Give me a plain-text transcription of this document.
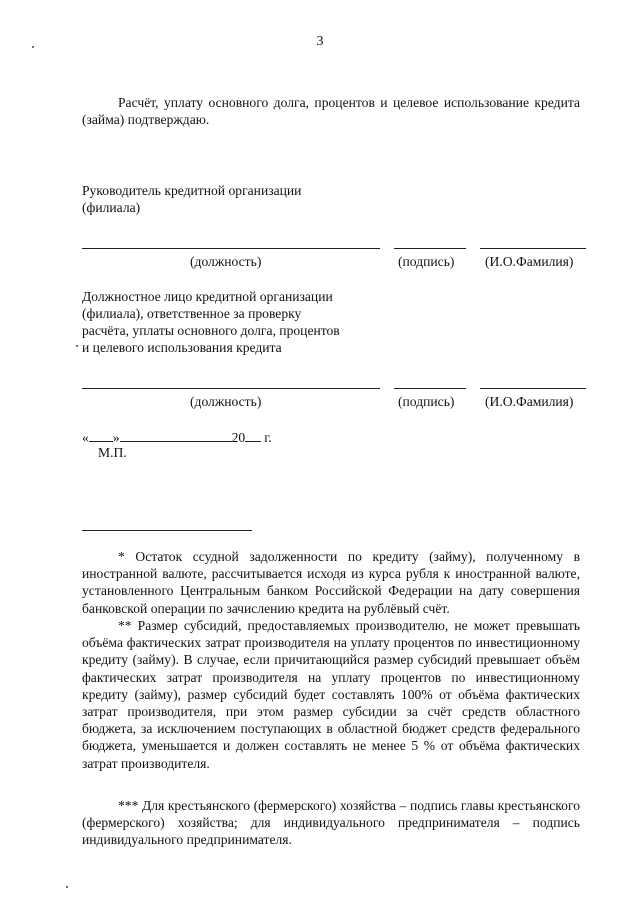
3
Расчёт, уплату основного долга, процентов и целевое использование кредита (займа) подтверждаю.
Руководитель кредитной организации
(филиала)
(должность)	(подпись) (И.О.Фамилия)
Должностное лицо кредитной организации
(филиала), ответственное за проверку
расчёта, уплаты основного долга, процентов
и целевого использования кредита
(должность)	(подпись) (И.О.Фамилия)
« »	20 г.
М.П.
* Остаток ссудной задолженности по кредиту (займу), полученному в иностранной валюте, рассчитывается исходя из курса рубля к иностранной валюте, установленного Центральным банком Российской Федерации на дату совершения банковской операции по зачислению кредита на рублёвый счёт.
** Размер субсидий, предоставляемых производителю, не может превышать объёма фактических затрат производителя на уплату процентов по инвестиционному кредиту (займу). В случае, если причитающийся размер субсидий превышает объём фактических затрат производителя на уплату процентов по инвестиционному кредиту (займу), размер субсидий будет составлять 100% от объёма фактических затрат производителя, при этом размер субсидии за счёт средств областного бюджета, за исключением поступающих в областной бюджет средств федерального бюджета, уменьшается и должен составлять не менее 5 % от объёма фактических затрат производителя.
*** Для крестьянского (фермерского) хозяйства – подпись главы крестьянского (фермерского) хозяйства; для индивидуального предпринимателя – подпись индивидуального предпринимателя.
